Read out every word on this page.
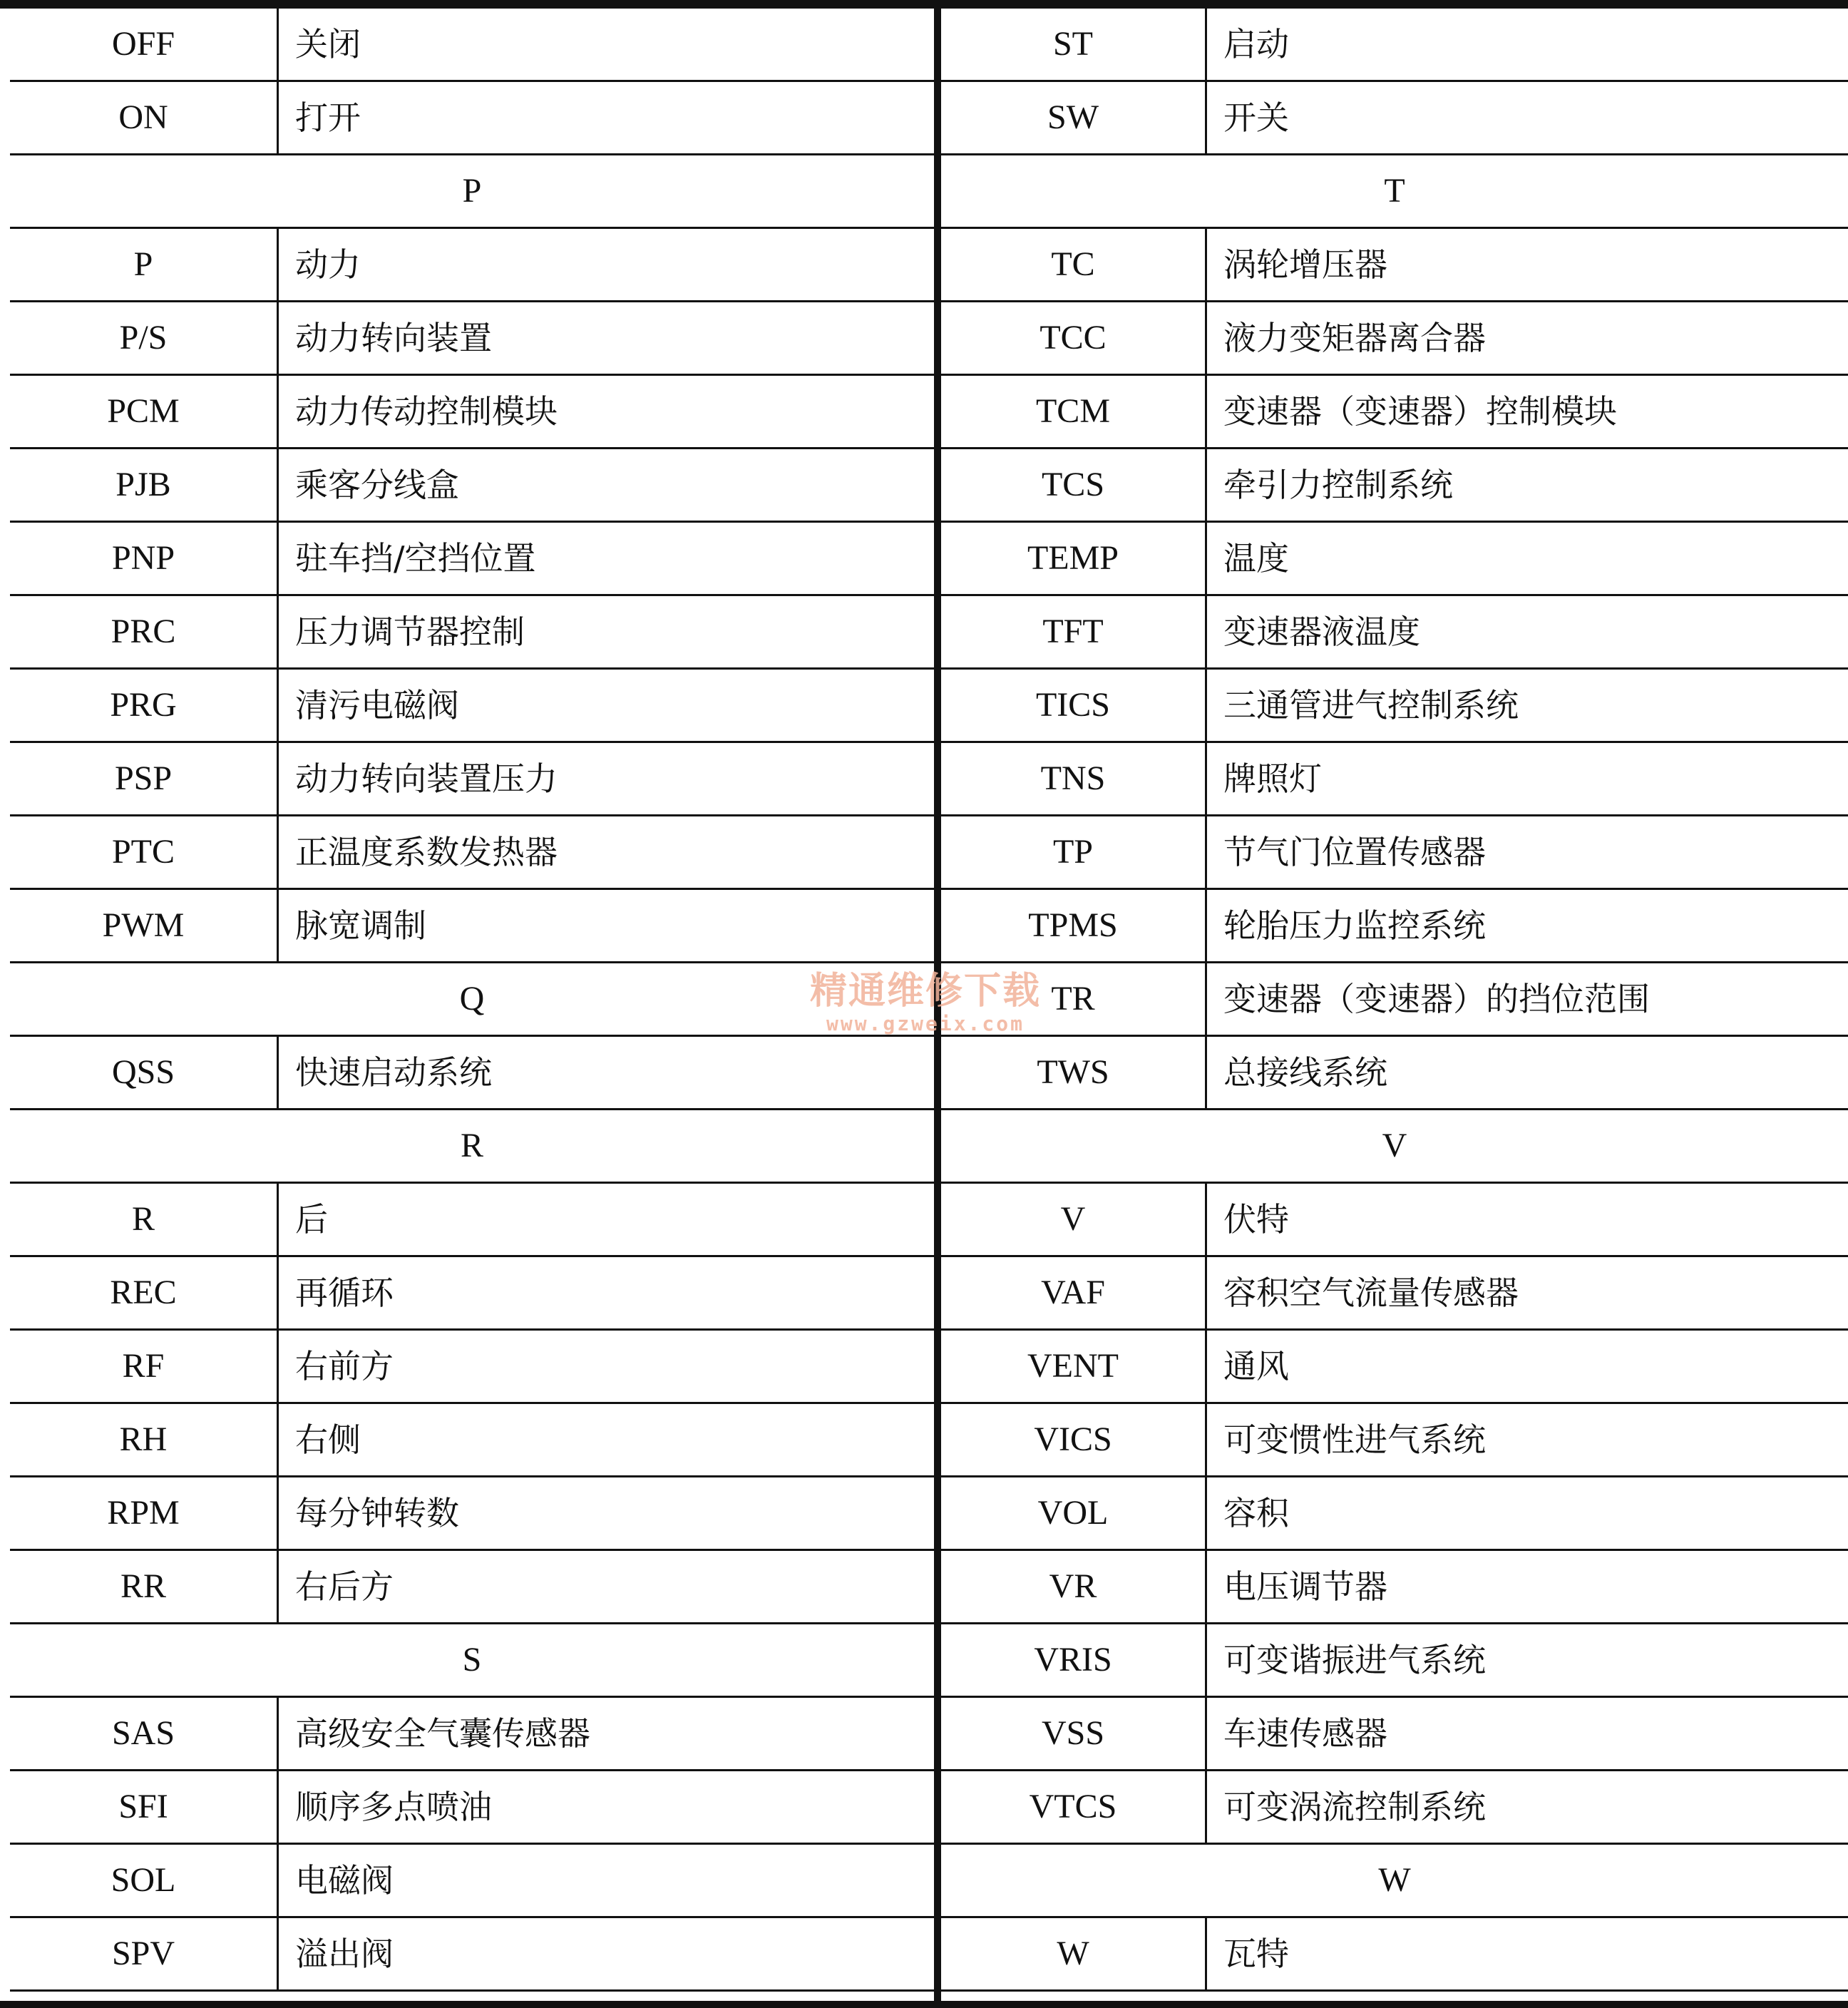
OFF	关闭
ON	打开
P
P	动力
P/S	动力转向装置
PCM	动力传动控制模块
PJB	乘客分线盒
PNP	驻车挡/空挡位置
PRC	压力调节器控制
PRG	清污电磁阀
PSP	动力转向装置压力
PTC	正温度系数发热器
PWM	脉宽调制
Q
QSS	快速启动系统
R
R	后
REC	再循环
RF	右前方
RH	右侧
RPM	每分钟转数
RR	右后方
S
SAS	高级安全气囊传感器
SFI	顺序多点喷油
SOL	电磁阀
SPV	溢出阀
ST	启动
SW	开关
T
TC	涡轮增压器
TCC	液力变矩器离合器
TCM	变速器（变速器）控制模块
TCS	牵引力控制系统
TEMP	温度
TFT	变速器液温度
TICS	三通管进气控制系统
TNS	牌照灯
TP	节气门位置传感器
TPMS	轮胎压力监控系统
TR	变速器（变速器）的挡位范围
TWS	总接线系统
V
V	伏特
VAF	容积空气流量传感器
VENT	通风
VICS	可变惯性进气系统
VOL	容积
VR	电压调节器
VRIS	可变谐振进气系统
VSS	车速传感器
VTCS	可变涡流控制系统
W
W	瓦特
精通维修下载
www.gzweix.com
